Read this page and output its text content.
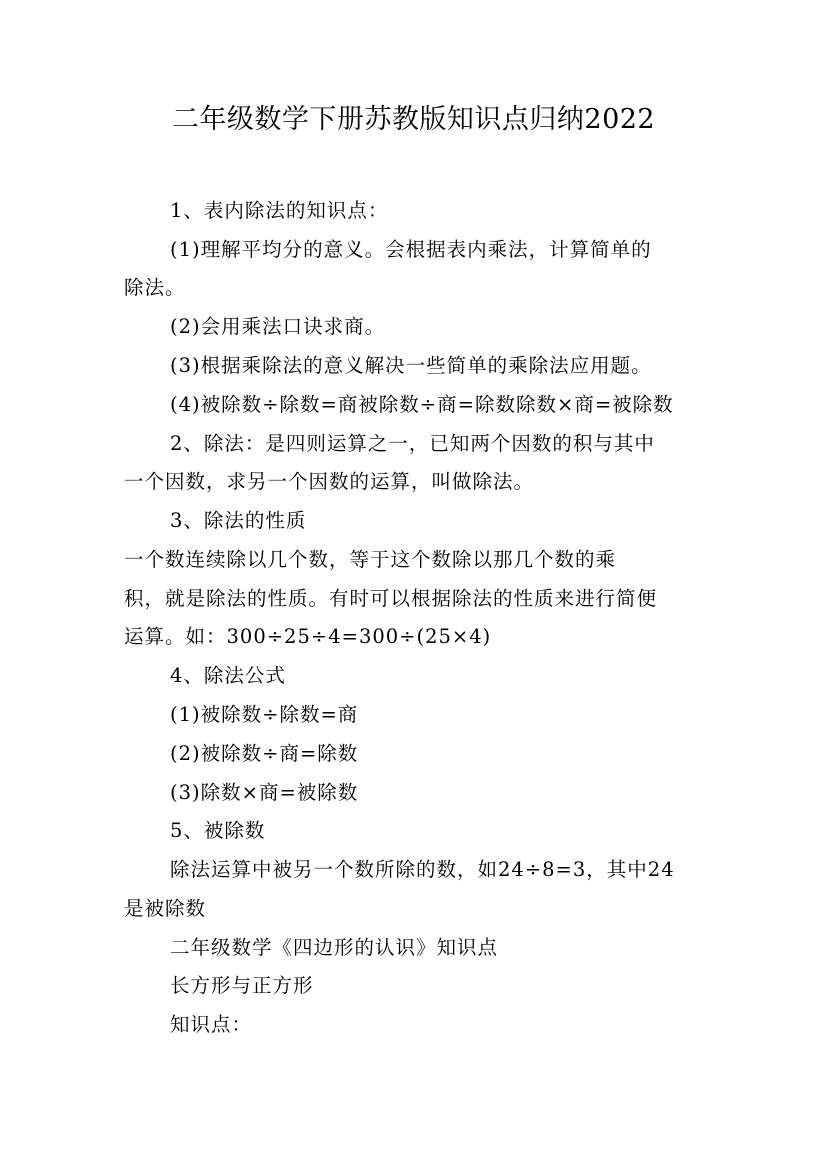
二年级数学下册苏教版知识点归纳2022
1、表内除法的知识点：
(1)理解平均分的意义。会根据表内乘法，计算简单的
除法。
(2)会用乘法口诀求商。
(3)根据乘除法的意义解决一些简单的乘除法应用题。
(4)被除数÷除数=商被除数÷商=除数除数×商=被除数
2、除法：是四则运算之一，已知两个因数的积与其中
一个因数，求另一个因数的运算，叫做除法。
3、除法的性质
一个数连续除以几个数，等于这个数除以那几个数的乘
积，就是除法的性质。有时可以根据除法的性质来进行简便
运算。如：300÷25÷4=300÷(25×4)
4、除法公式
(1)被除数÷除数=商
(2)被除数÷商=除数
(3)除数×商=被除数
5、被除数
除法运算中被另一个数所除的数，如24÷8=3，其中24
是被除数
二年级数学《四边形的认识》知识点
长方形与正方形
知识点：
